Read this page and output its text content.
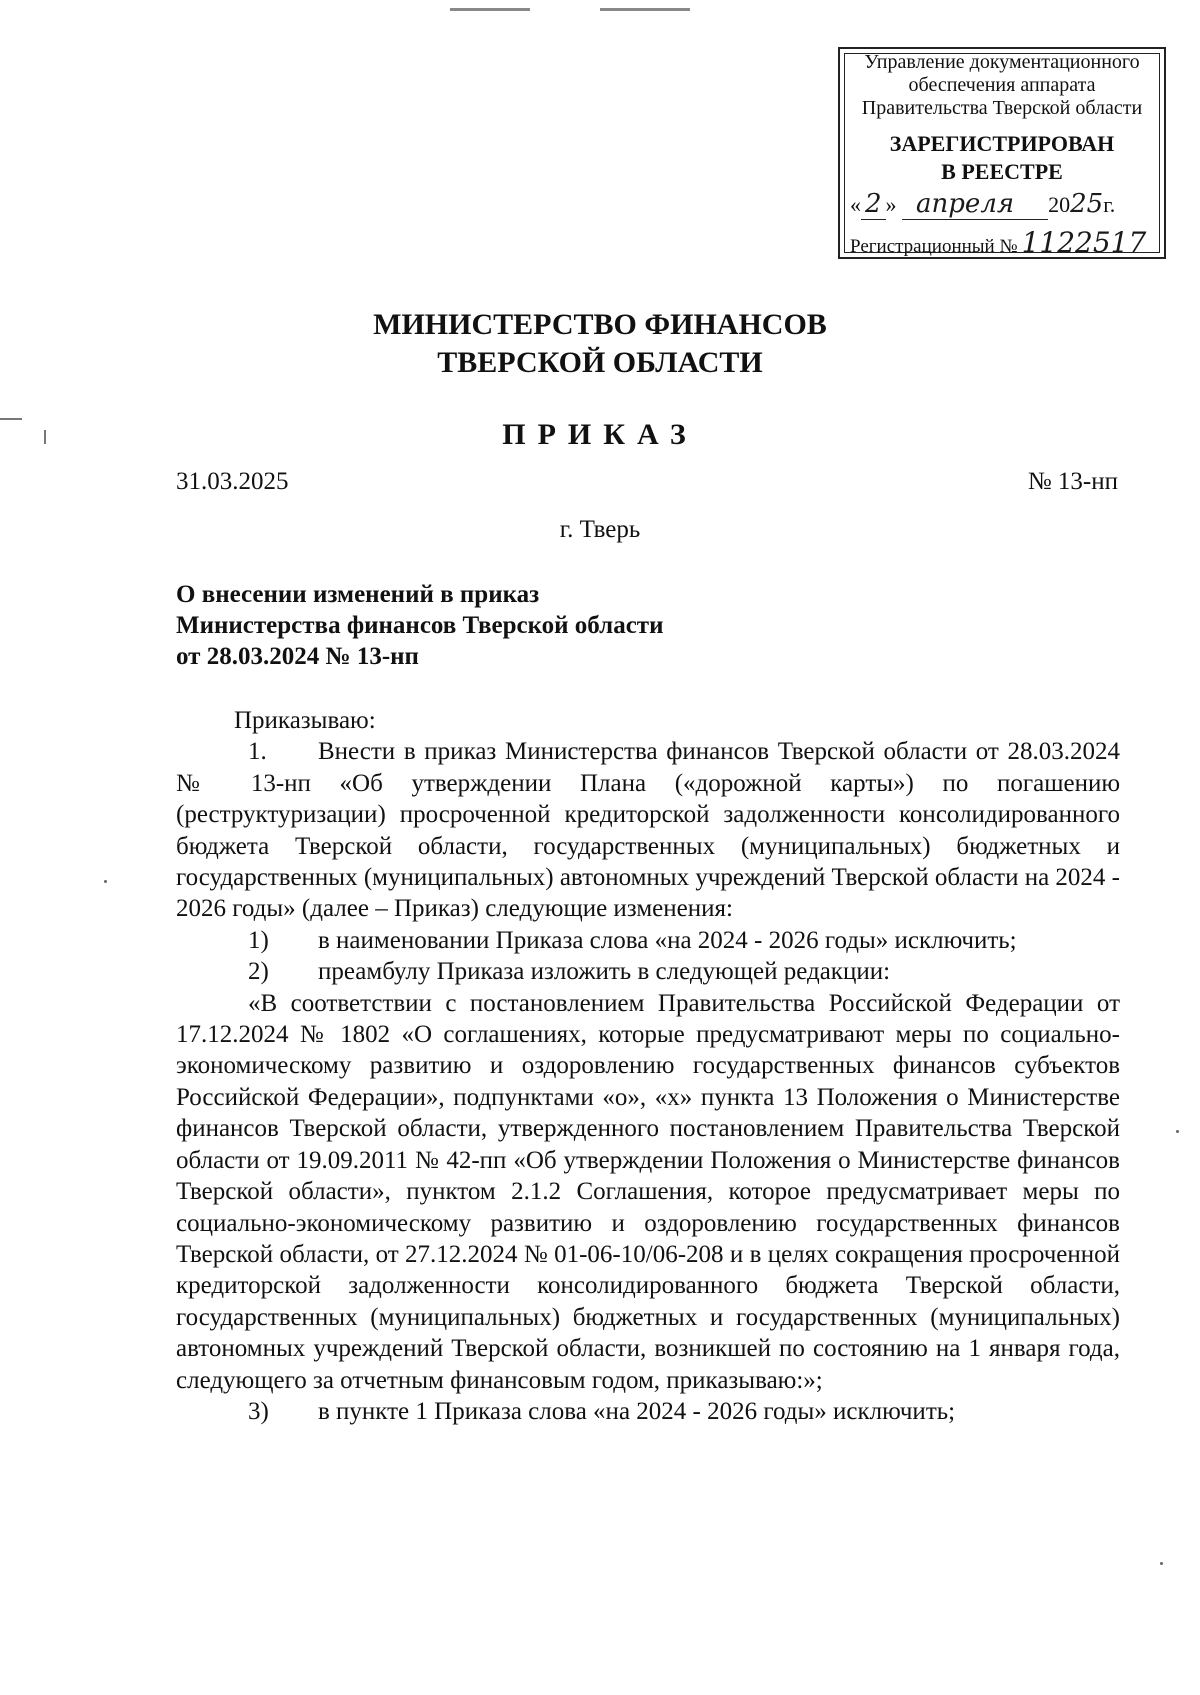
Управление документационного
обеспечения аппарата
Правительства Тверской области
ЗАРЕГИСТРИРОВАН
В РЕЕСТРЕ
« 2 » апреля 2025г.
Регистрационный № 1122517
МИНИСТЕРСТВО ФИНАНСОВ
ТВЕРСКОЙ ОБЛАСТИ
ПРИКАЗ
31.03.2025	№ 13-нп
г. Тверь
О внесении изменений в приказ
Министерства финансов Тверской области
от 28.03.2024 № 13-нп

Приказываю:

1. Внести в приказ Министерства финансов Тверской области от 28.03.2024 № 13-нп «Об утверждении Плана («дорожной карты») по погашению (реструктуризации) просроченной кредиторской задолженности консолидированного бюджета Тверской области, государственных (муниципальных) бюджетных и государственных (муниципальных) автономных учреждений Тверской области на 2024 - 2026 годы» (далее – Приказ) следующие изменения:

1) в наименовании Приказа слова «на 2024 - 2026 годы» исключить;

2) преамбулу Приказа изложить в следующей редакции:

«В соответствии с постановлением Правительства Российской Федерации от 17.12.2024 № 1802 «О соглашениях, которые предусматривают меры по социально-экономическому развитию и оздоровлению государственных финансов субъектов Российской Федерации», подпунктами «о», «х» пункта 13 Положения о Министерстве финансов Тверской области, утвержденного постановлением Правительства Тверской области от 19.09.2011 № 42-пп «Об утверждении Положения о Министерстве финансов Тверской области», пунктом 2.1.2 Соглашения, которое предусматривает меры по социально-экономическому развитию и оздоровлению государственных финансов Тверской области, от 27.12.2024 № 01-06-10/06-208 и в целях сокращения просроченной кредиторской задолженности консолидированного бюджета Тверской области, государственных (муниципальных) бюджетных и государственных (муниципальных) автономных учреждений Тверской области, возникшей по состоянию на 1 января года, следующего за отчетным финансовым годом, приказываю:»;

3) в пункте 1 Приказа слова «на 2024 - 2026 годы» исключить;
